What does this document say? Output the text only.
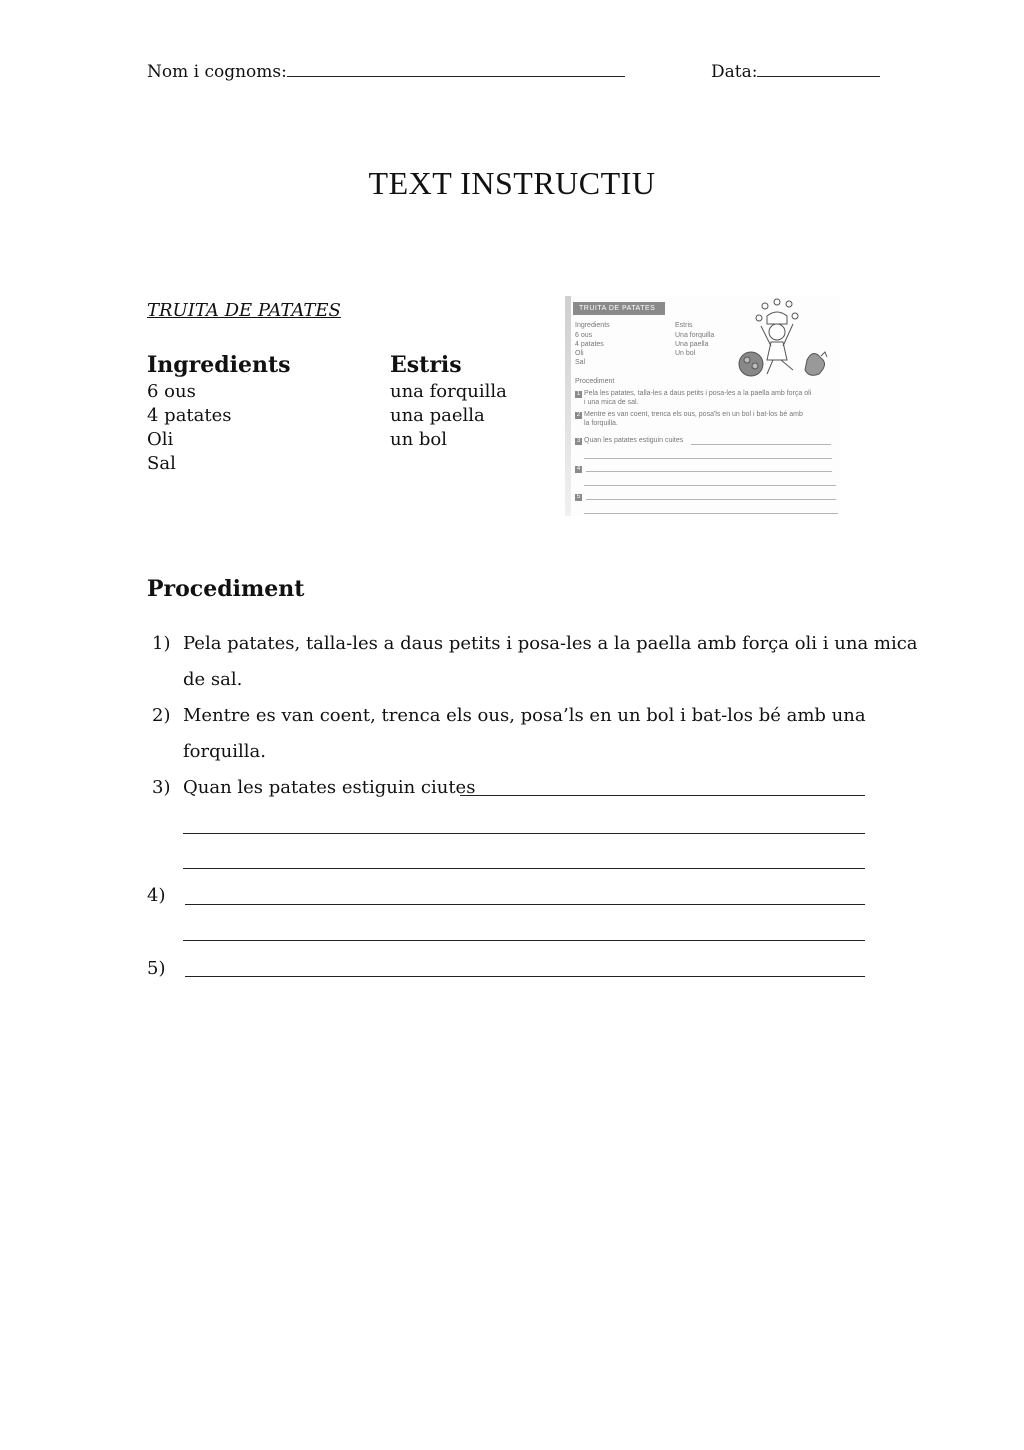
Nom i cognoms:	Data:
TEXT INSTRUCTIU
TRUITA DE PATATES
Ingredients
6 ous
4 patates
Oli
Sal
Estris
una forquilla
una paella
un bol
TRUITA DE PATATES
Ingredients
6 ous
4 patates
Oli
Sal
Estris
Una forquilla
Una paella
Un bol
Procediment
1 Pela les patates, talla-les a daus petits i posa-les a la paella amb força oli
i una mica de sal.
2 Mentre es van coent, trenca els ous, posa'ls en un bol i bat-los bé amb
la forquilla.
3 Quan les patates estiguin cuites
4
5
Procediment
1) Pela patates, talla-les a daus petits i posa-les a la paella amb força oli i una mica
de sal.
2) Mentre es van coent, trenca els ous, posa’ls en un bol i bat-los bé amb una
forquilla.
3) Quan les patates estiguin ciutes
4)
5)
